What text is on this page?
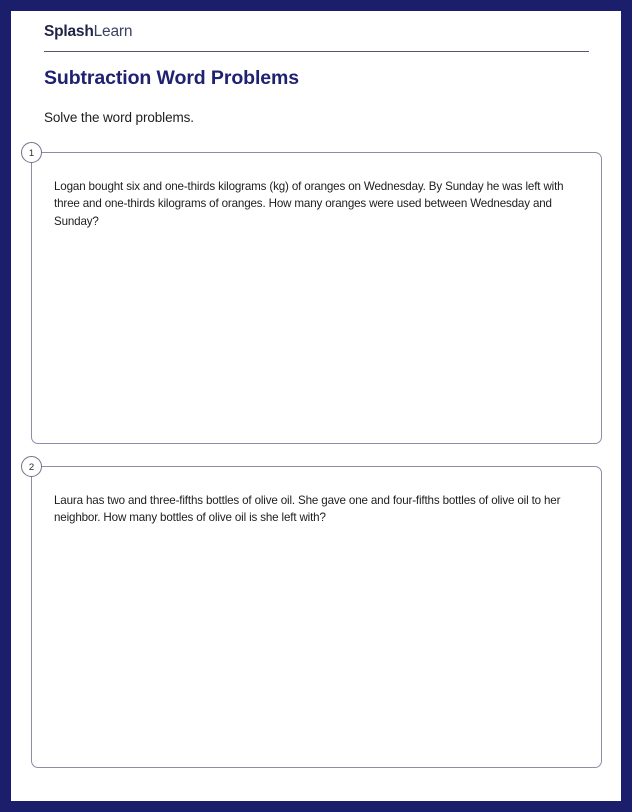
SplashLearn
Subtraction Word Problems
Solve the word problems.
1
Logan bought six and one-thirds kilograms (kg) of oranges on Wednesday. By Sunday he was left with three and one-thirds kilograms of oranges. How many oranges were used between Wednesday and Sunday?
2
Laura has two and three-fifths bottles of olive oil. She gave one and four-fifths bottles of olive oil to her neighbor. How many bottles of olive oil is she left with?
